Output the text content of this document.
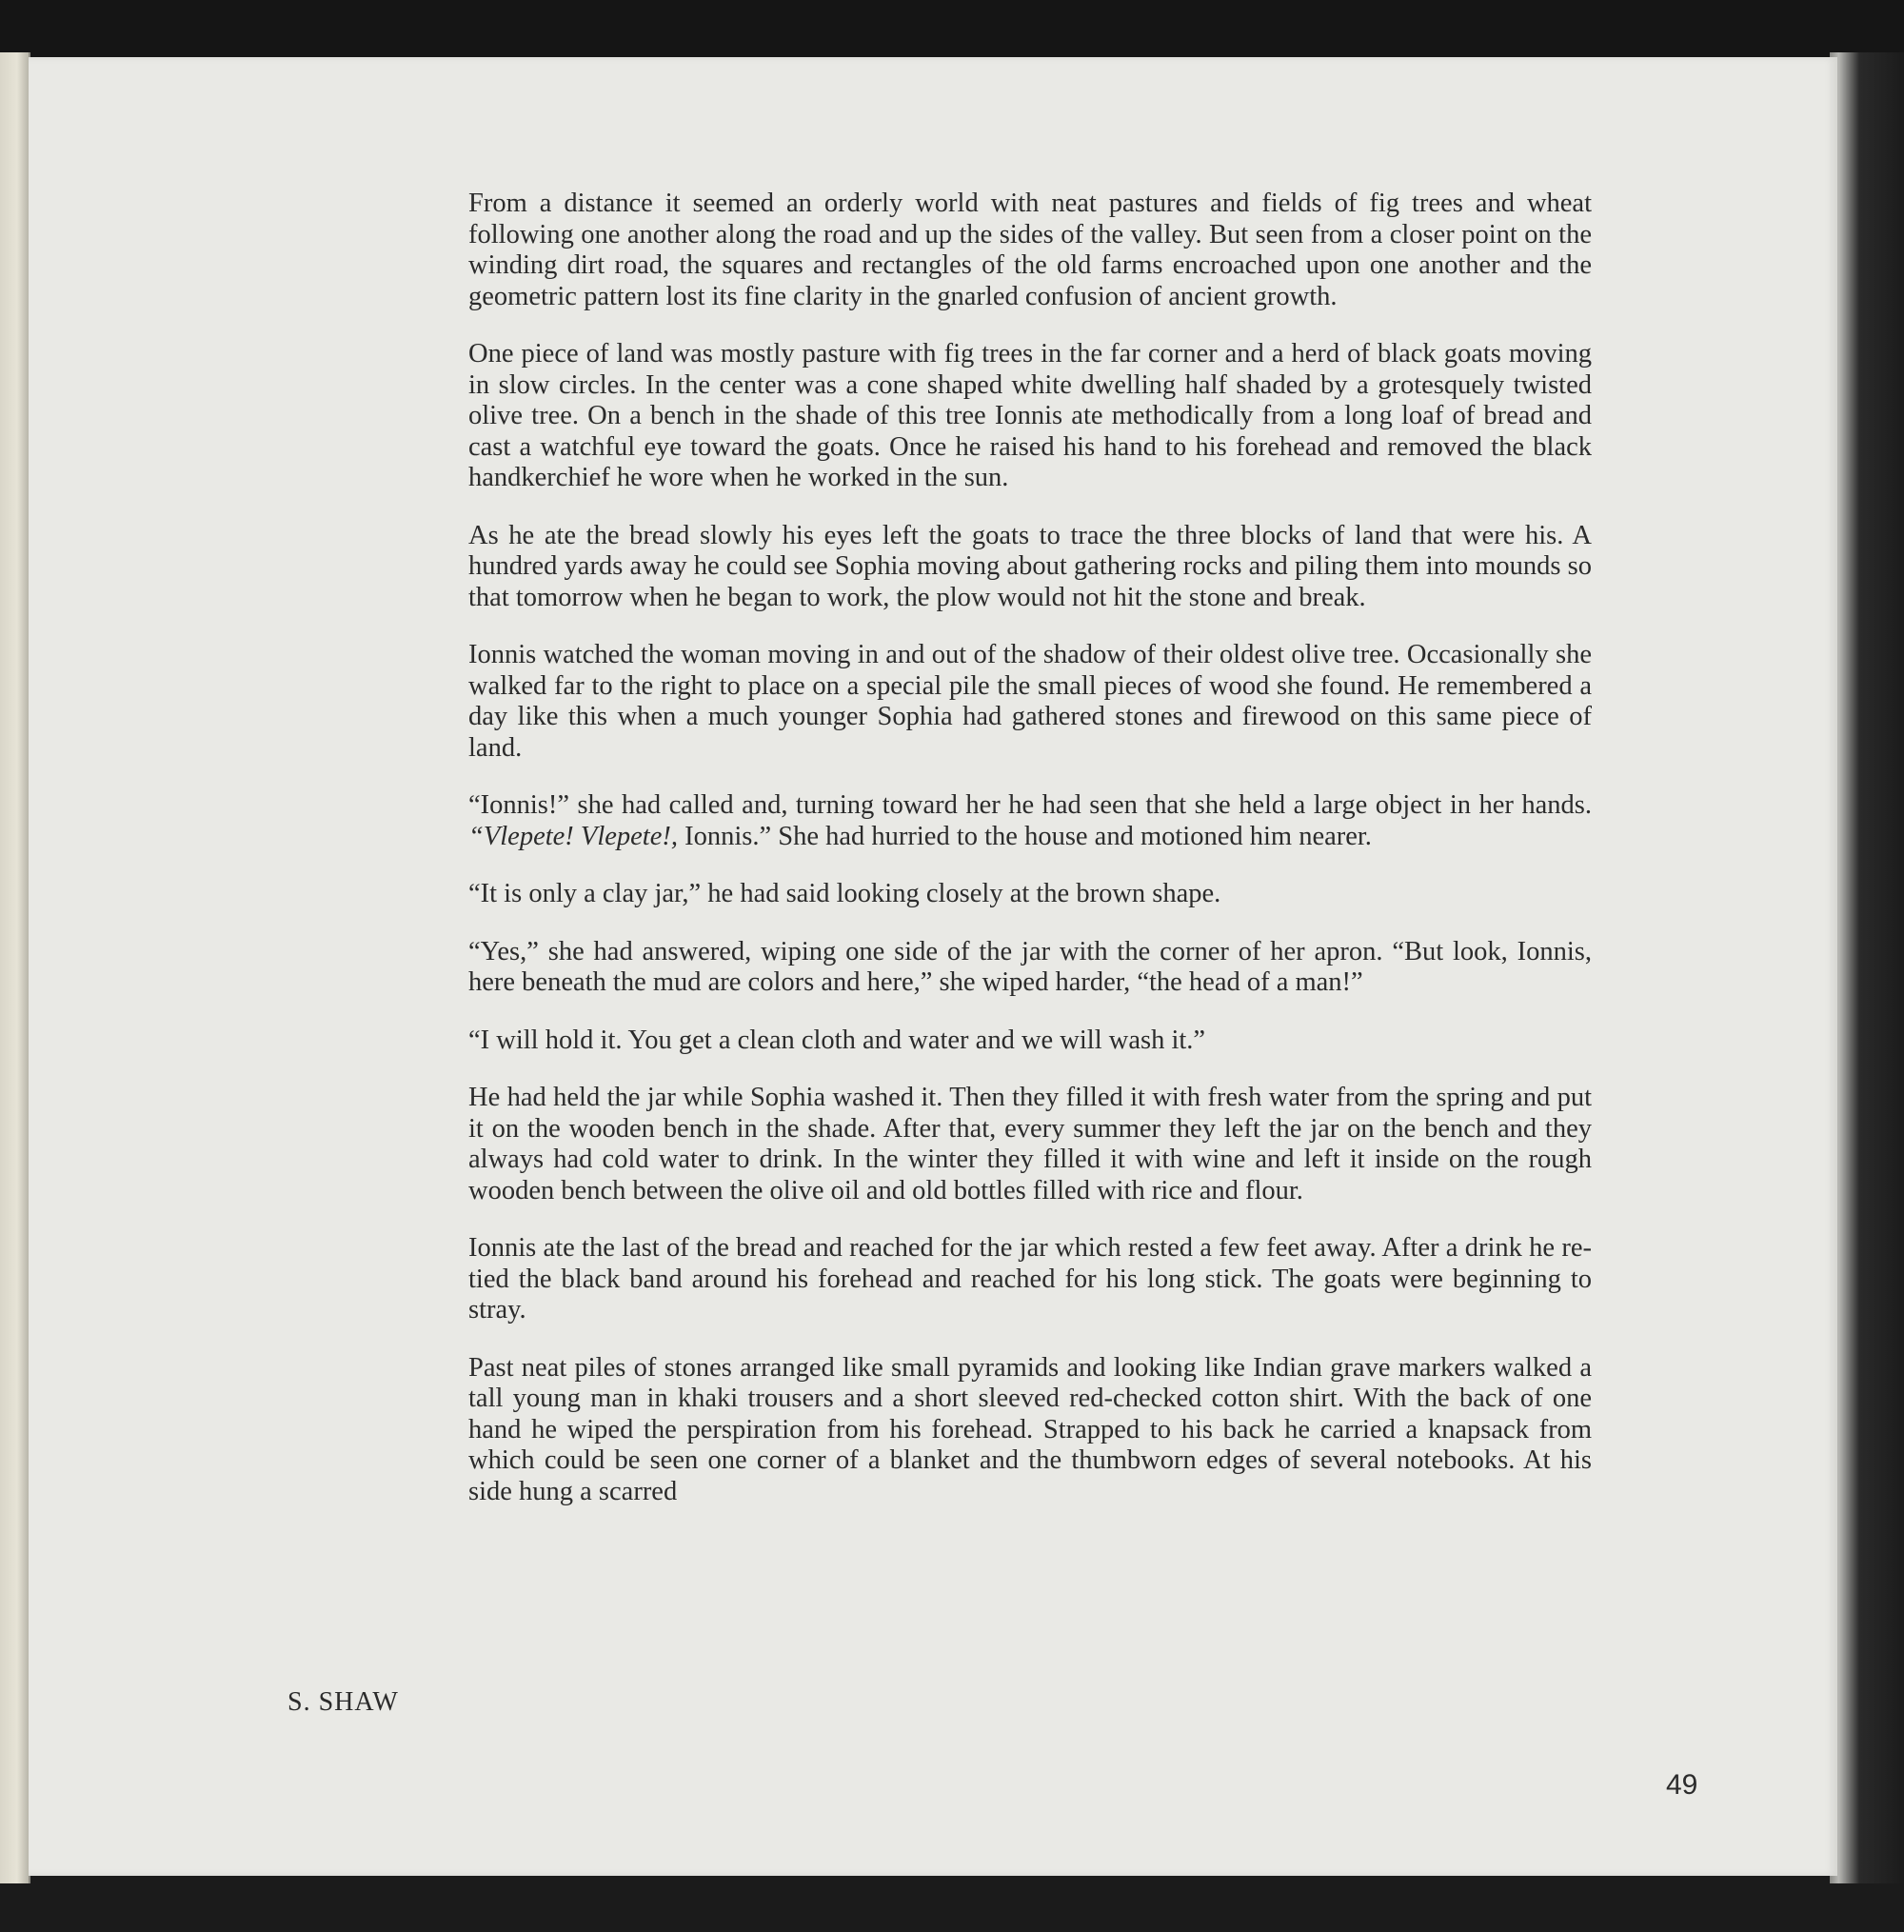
From a distance it seemed an orderly world with neat pastures and fields of fig trees and wheat following one another along the road and up the sides of the valley. But seen from a closer point on the winding dirt road, the squares and rectangles of the old farms encroached upon one another and the geometric pattern lost its fine clarity in the gnarled confusion of ancient growth.

One piece of land was mostly pasture with fig trees in the far corner and a herd of black goats moving in slow circles. In the center was a cone shaped white dwelling half shaded by a grotesquely twisted olive tree. On a bench in the shade of this tree Ionnis ate methodically from a long loaf of bread and cast a watchful eye toward the goats. Once he raised his hand to his forehead and removed the black handkerchief he wore when he worked in the sun.

As he ate the bread slowly his eyes left the goats to trace the three blocks of land that were his. A hundred yards away he could see Sophia moving about gathering rocks and piling them into mounds so that tomorrow when he began to work, the plow would not hit the stone and break.

Ionnis watched the woman moving in and out of the shadow of their oldest olive tree. Occasionally she walked far to the right to place on a special pile the small pieces of wood she found. He remembered a day like this when a much younger Sophia had gathered stones and firewood on this same piece of land.

“Ionnis!” she had called and, turning toward her he had seen that she held a large object in her hands. “Vlepete! Vlepete!, Ionnis.” She had hurried to the house and motioned him nearer.

“It is only a clay jar,” he had said looking closely at the brown shape.

“Yes,” she had answered, wiping one side of the jar with the corner of her apron. “But look, Ionnis, here beneath the mud are colors and here,” she wiped harder, “the head of a man!”

“I will hold it. You get a clean cloth and water and we will wash it.”

He had held the jar while Sophia washed it. Then they filled it with fresh water from the spring and put it on the wooden bench in the shade. After that, every summer they left the jar on the bench and they always had cold water to drink. In the winter they filled it with wine and left it inside on the rough wooden bench between the olive oil and old bottles filled with rice and flour.

Ionnis ate the last of the bread and reached for the jar which rested a few feet away. After a drink he re-tied the black band around his forehead and reached for his long stick. The goats were beginning to stray.

Past neat piles of stones arranged like small pyramids and looking like Indian grave markers walked a tall young man in khaki trousers and a short sleeved red-checked cotton shirt. With the back of one hand he wiped the perspiration from his forehead. Strapped to his back he carried a knapsack from which could be seen one corner of a blanket and the thumbworn edges of several notebooks. At his side hung a scarred

S. SHAW
49
